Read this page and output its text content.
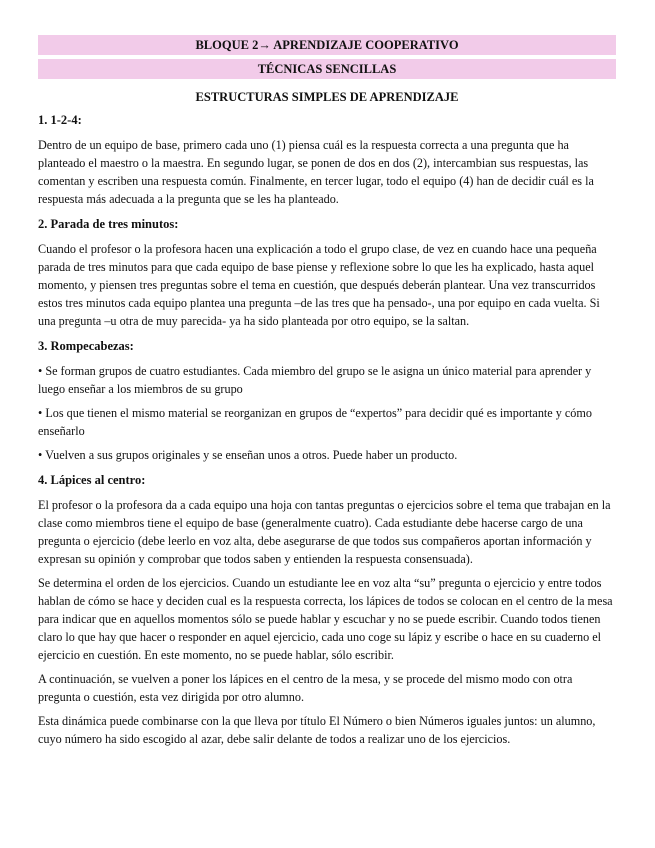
BLOQUE 2→ APRENDIZAJE COOPERATIVO
TÉCNICAS SENCILLAS
ESTRUCTURAS SIMPLES DE APRENDIZAJE
1. 1-2-4:

Dentro de un equipo de base, primero cada uno (1) piensa cuál es la respuesta correcta a una pregunta que ha planteado el maestro o la maestra. En segundo lugar, se ponen de dos en dos (2), intercambian sus respuestas, las comentan y escriben una respuesta común. Finalmente, en tercer lugar, todo el equipo (4) han de decidir cuál es la respuesta más adecuada a la pregunta que se les ha planteado.

2. Parada de tres minutos:

Cuando el profesor o la profesora hacen una explicación a todo el grupo clase, de vez en cuando hace una pequeña parada de tres minutos para que cada equipo de base piense y reflexione sobre lo que les ha explicado, hasta aquel momento, y piensen tres preguntas sobre el tema en cuestión, que después deberán plantear. Una vez transcurridos estos tres minutos cada equipo plantea una pregunta –de las tres que ha pensado-, una por equipo en cada vuelta. Si una pregunta –u otra de muy parecida- ya ha sido planteada por otro equipo, se la saltan.

3. Rompecabezas:

• Se forman grupos de cuatro estudiantes. Cada miembro del grupo se le asigna un único material para aprender y luego enseñar a los miembros de su grupo

• Los que tienen el mismo material se reorganizan en grupos de “expertos” para decidir qué es importante y cómo enseñarlo

• Vuelven a sus grupos originales y se enseñan unos a otros. Puede haber un producto.

4. Lápices al centro:

El profesor o la profesora da a cada equipo una hoja con tantas preguntas o ejercicios sobre el tema que trabajan en la clase como miembros tiene el equipo de base (generalmente cuatro). Cada estudiante debe hacerse cargo de una pregunta o ejercicio (debe leerlo en voz alta, debe asegurarse de que todos sus compañeros aportan información y expresan su opinión y comprobar que todos saben y entienden la respuesta consensuada).

Se determina el orden de los ejercicios. Cuando un estudiante lee en voz alta “su” pregunta o ejercicio y entre todos hablan de cómo se hace y deciden cual es la respuesta correcta, los lápices de todos se colocan en el centro de la mesa para indicar que en aquellos momentos sólo se puede hablar y escuchar y no se puede escribir. Cuando todos tienen claro lo que hay que hacer o responder en aquel ejercicio, cada uno coge su lápiz y escribe o hace en su cuaderno el ejercicio en cuestión. En este momento, no se puede hablar, sólo escribir.

A continuación, se vuelven a poner los lápices en el centro de la mesa, y se procede del mismo modo con otra pregunta o cuestión, esta vez dirigida por otro alumno.

Esta dinámica puede combinarse con la que lleva por título El Número o bien Números iguales juntos: un alumno, cuyo número ha sido escogido al azar, debe salir delante de todos a realizar uno de los ejercicios.
